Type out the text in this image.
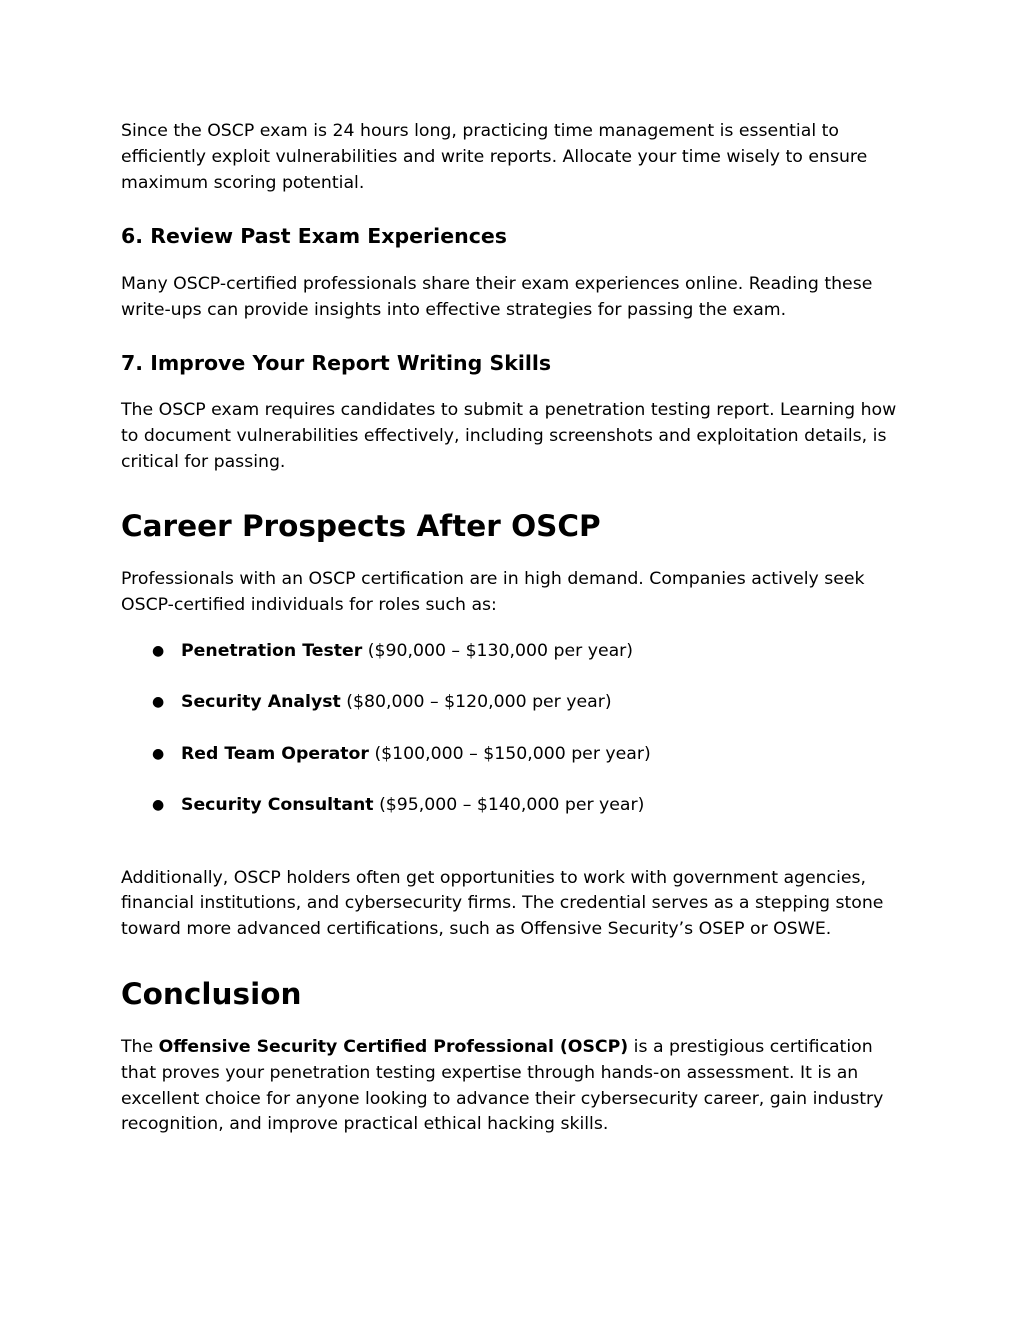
Since the OSCP exam is 24 hours long, practicing time management is essential to efficiently exploit vulnerabilities and write reports. Allocate your time wisely to ensure maximum scoring potential.

6. Review Past Exam Experiences

Many OSCP-certified professionals share their exam experiences online. Reading these write-ups can provide insights into effective strategies for passing the exam.

7. Improve Your Report Writing Skills

The OSCP exam requires candidates to submit a penetration testing report. Learning how to document vulnerabilities effectively, including screenshots and exploitation details, is critical for passing.

Career Prospects After OSCP

Professionals with an OSCP certification are in high demand. Companies actively seek OSCP-certified individuals for roles such as:

● Penetration Tester ($90,000 – $130,000 per year)
● Security Analyst ($80,000 – $120,000 per year)
● Red Team Operator ($100,000 – $150,000 per year)
● Security Consultant ($95,000 – $140,000 per year)

Additionally, OSCP holders often get opportunities to work with government agencies, financial institutions, and cybersecurity firms. The credential serves as a stepping stone toward more advanced certifications, such as Offensive Security’s OSEP or OSWE.

Conclusion

The Offensive Security Certified Professional (OSCP) is a prestigious certification that proves your penetration testing expertise through hands-on assessment. It is an excellent choice for anyone looking to advance their cybersecurity career, gain industry recognition, and improve practical ethical hacking skills.
